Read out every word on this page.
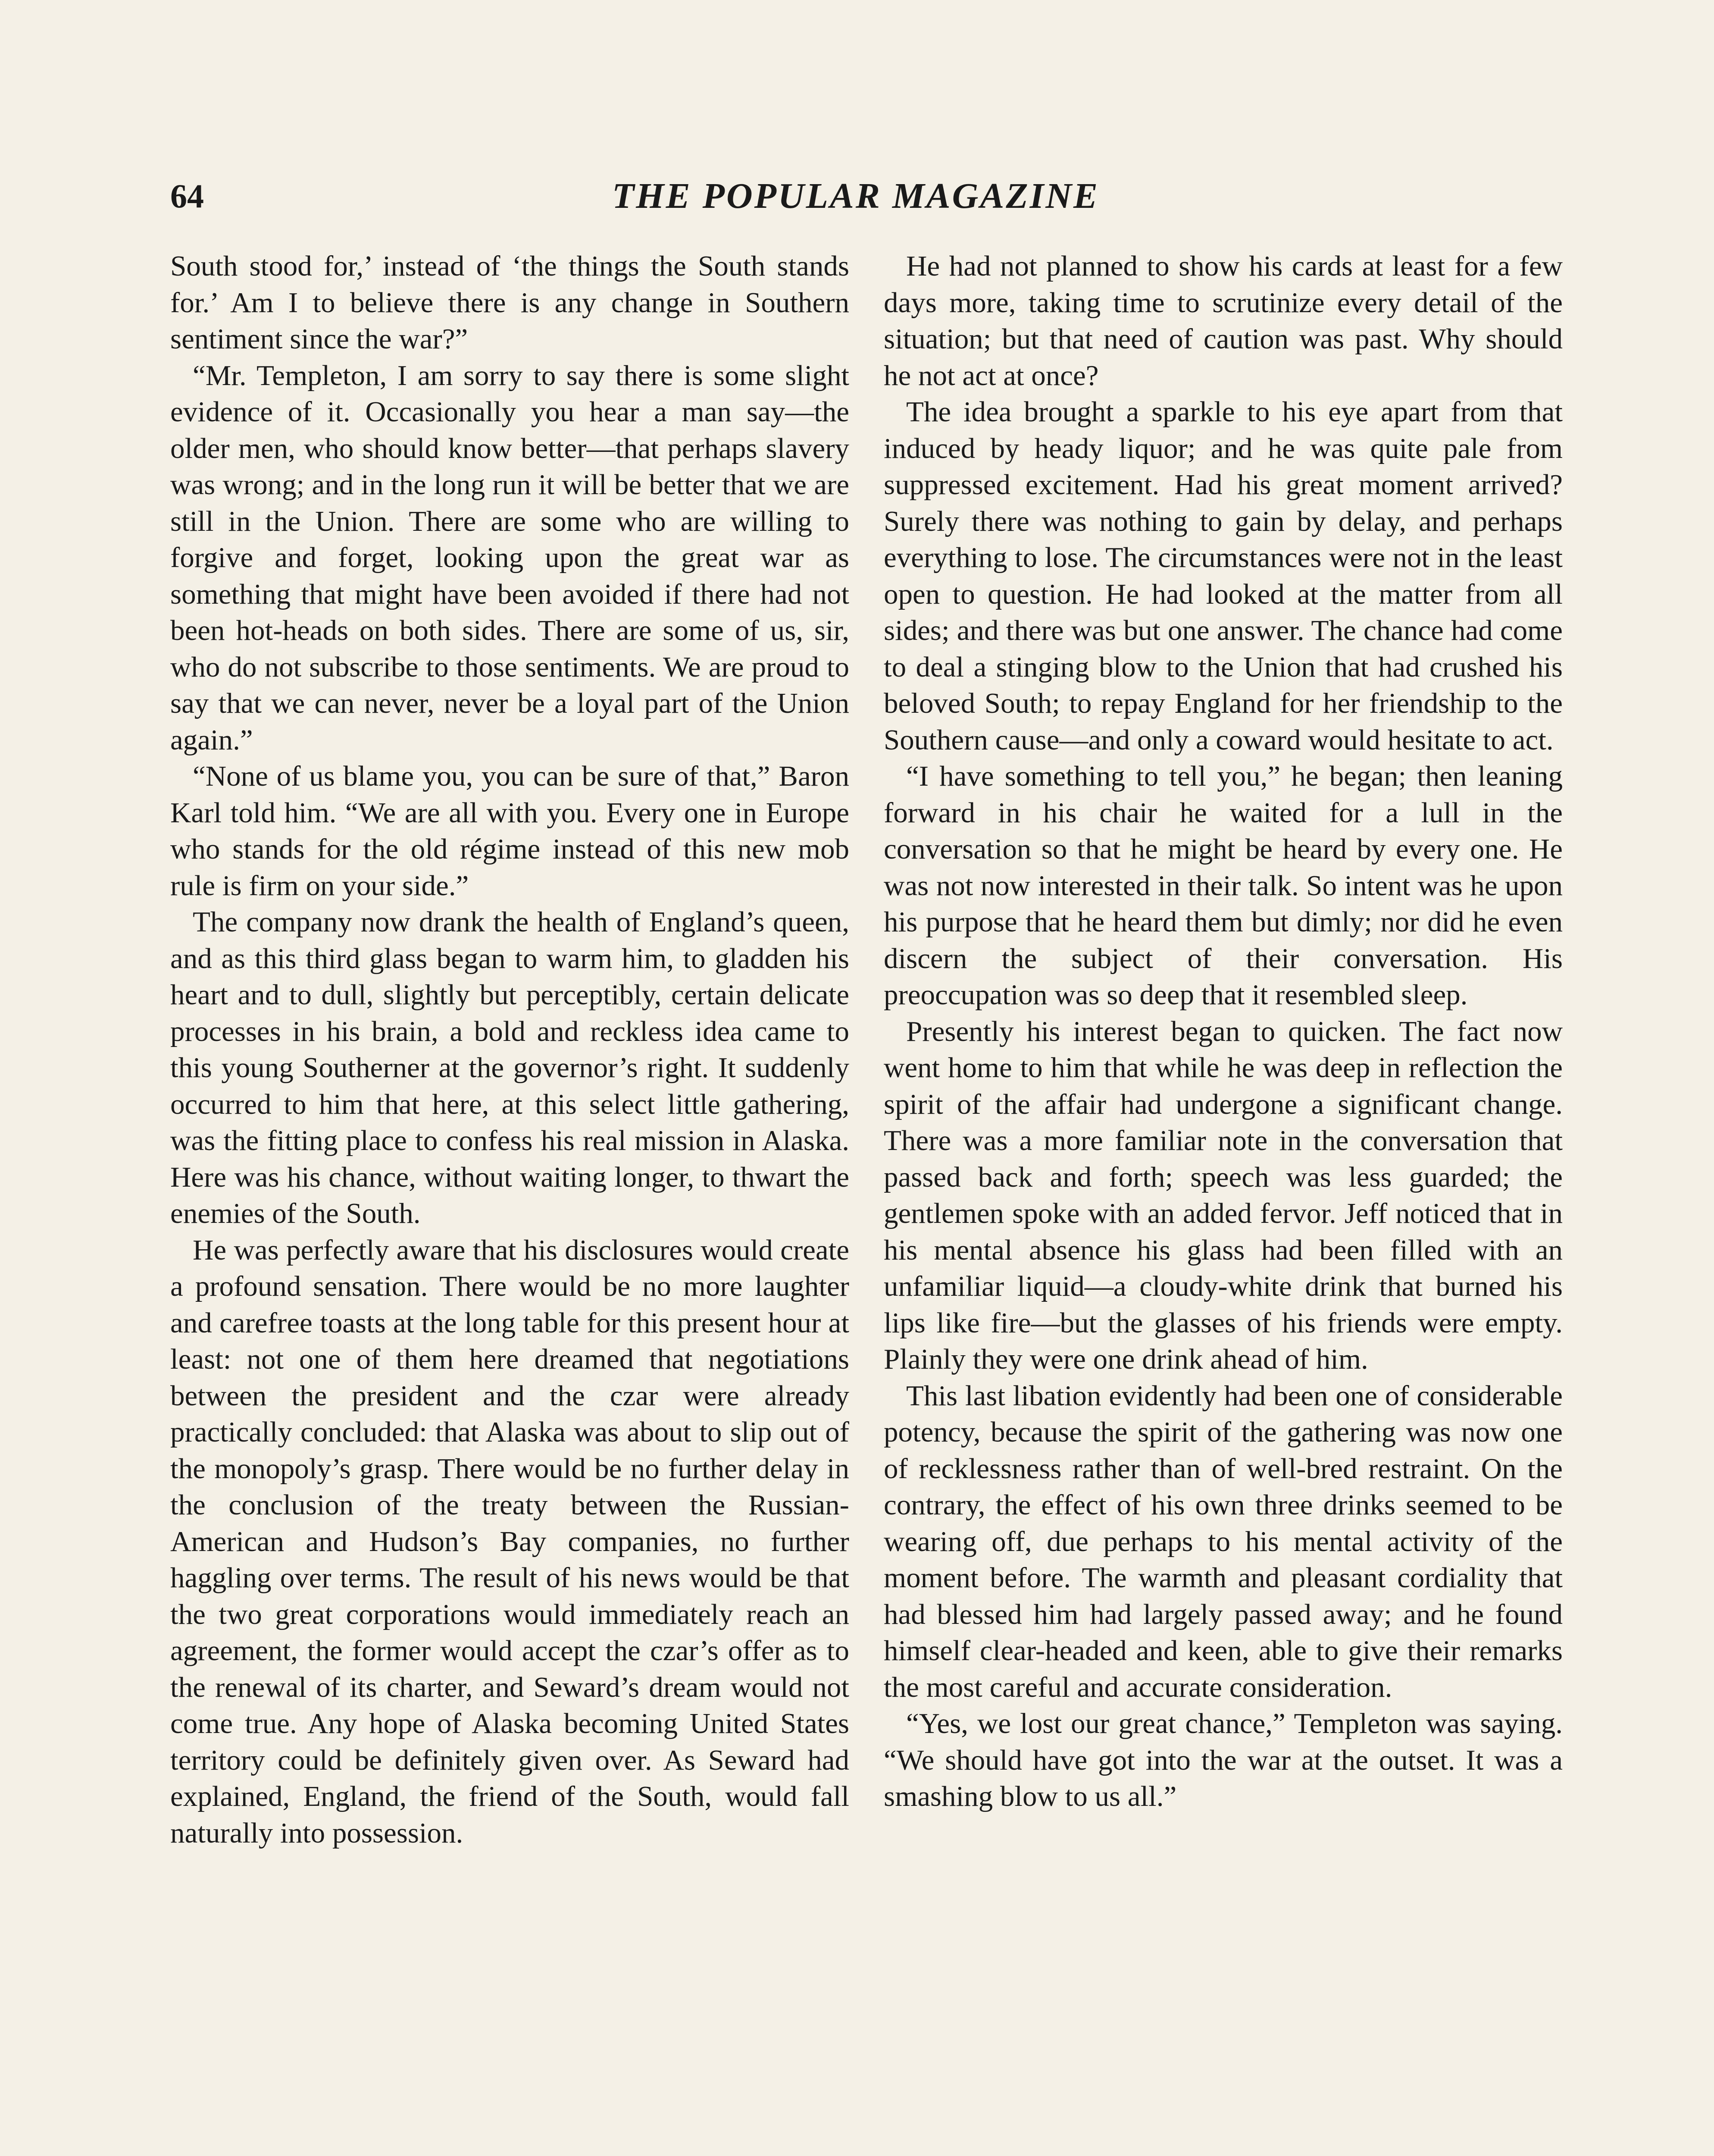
64	THE POPULAR MAGAZINE

South stood for,’ instead of ‘the things the South stands for.’ Am I to believe there is any change in Southern sentiment since the war?”

“Mr. Templeton, I am sorry to say there is some slight evidence of it. Occasionally you hear a man say—the older men, who should know better—that perhaps slavery was wrong; and in the long run it will be better that we are still in the Union. There are some who are willing to forgive and forget, looking upon the great war as something that might have been avoided if there had not been hot-heads on both sides. There are some of us, sir, who do not subscribe to those sentiments. We are proud to say that we can never, never be a loyal part of the Union again.”

“None of us blame you, you can be sure of that,” Baron Karl told him. “We are all with you. Every one in Europe who stands for the old régime instead of this new mob rule is firm on your side.”

The company now drank the health of England’s queen, and as this third glass began to warm him, to gladden his heart and to dull, slightly but perceptibly, certain delicate processes in his brain, a bold and reckless idea came to this young Southerner at the governor’s right. It suddenly occurred to him that here, at this select little gathering, was the fitting place to confess his real mission in Alaska. Here was his chance, without waiting longer, to thwart the enemies of the South.

He was perfectly aware that his disclosures would create a profound sensation. There would be no more laughter and carefree toasts at the long table for this present hour at least: not one of them here dreamed that negotiations between the president and the czar were already practically concluded: that Alaska was about to slip out of the monopoly’s grasp. There would be no further delay in the conclusion of the treaty between the Russian-American and Hudson’s Bay companies, no further haggling over terms. The result of his news would be that the two great corporations would immediately reach an agreement, the former would accept the czar’s offer as to the renewal of its charter, and Seward’s dream would not come true. Any hope of Alaska becoming United States territory could be definitely given over. As Seward had explained, England, the friend of the South, would fall naturally into possession.

He had not planned to show his cards at least for a few days more, taking time to scrutinize every detail of the situation; but that need of caution was past. Why should he not act at once?

The idea brought a sparkle to his eye apart from that induced by heady liquor; and he was quite pale from suppressed excitement. Had his great moment arrived? Surely there was nothing to gain by delay, and perhaps everything to lose. The circumstances were not in the least open to question. He had looked at the matter from all sides; and there was but one answer. The chance had come to deal a stinging blow to the Union that had crushed his beloved South; to repay England for her friendship to the Southern cause—and only a coward would hesitate to act.

“I have something to tell you,” he began; then leaning forward in his chair he waited for a lull in the conversation so that he might be heard by every one. He was not now interested in their talk. So intent was he upon his purpose that he heard them but dimly; nor did he even discern the subject of their conversation. His preoccupation was so deep that it resembled sleep.

Presently his interest began to quicken. The fact now went home to him that while he was deep in reflection the spirit of the affair had undergone a significant change. There was a more familiar note in the conversation that passed back and forth; speech was less guarded; the gentlemen spoke with an added fervor. Jeff noticed that in his mental absence his glass had been filled with an unfamiliar liquid—a cloudy-white drink that burned his lips like fire—but the glasses of his friends were empty. Plainly they were one drink ahead of him.

This last libation evidently had been one of considerable potency, because the spirit of the gathering was now one of recklessness rather than of well-bred restraint. On the contrary, the effect of his own three drinks seemed to be wearing off, due perhaps to his mental activity of the moment before. The warmth and pleasant cordiality that had blessed him had largely passed away; and he found himself clear-headed and keen, able to give their remarks the most careful and accurate consideration.

“Yes, we lost our great chance,” Templeton was saying. “We should have got into the war at the outset. It was a smashing blow to us all.”
